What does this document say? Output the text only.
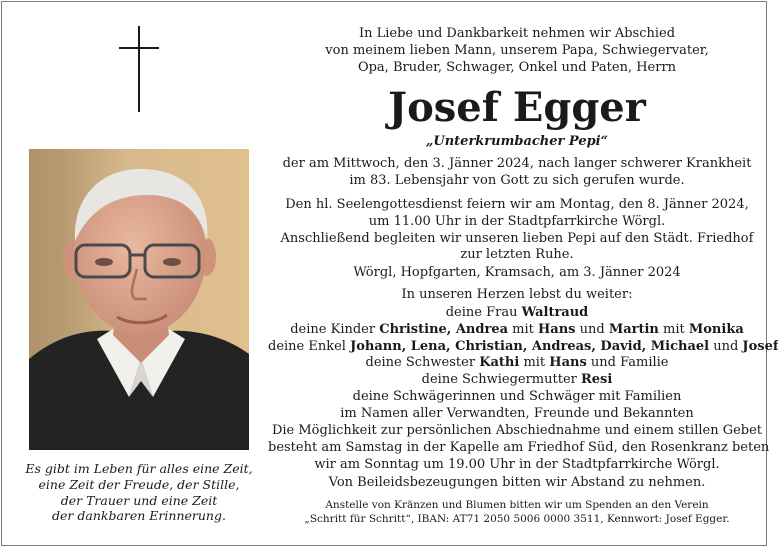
Es gibt im Leben für alles eine Zeit,
eine Zeit der Freude, der Stille,
der Trauer und eine Zeit
der dankbaren Erinnerung.
In Liebe und Dankbarkeit nehmen wir Abschied
von meinem lieben Mann, unserem Papa, Schwiegervater,
Opa, Bruder, Schwager, Onkel und Paten, Herrn
Josef Egger
„Unterkrumbacher Pepi“
der am Mittwoch, den 3. Jänner 2024, nach langer schwerer Krankheit
im 83. Lebensjahr von Gott zu sich gerufen wurde.
Den hl. Seelengottesdienst feiern wir am Montag, den 8. Jänner 2024,
um 11.00 Uhr in der Stadtpfarrkirche Wörgl.
Anschließend begleiten wir unseren lieben Pepi auf den Städt. Friedhof
zur letzten Ruhe.
Wörgl, Hopfgarten, Kramsach, am 3. Jänner 2024
In unseren Herzen lebst du weiter:
deine Frau Waltraud
deine Kinder Christine, Andrea mit Hans und Martin mit Monika
deine Enkel Johann, Lena, Christian, Andreas, David, Michael und Josef
deine Schwester Kathi mit Hans und Familie
deine Schwiegermutter Resi
deine Schwägerinnen und Schwäger mit Familien
im Namen aller Verwandten, Freunde und Bekannten
Die Möglichkeit zur persönlichen Abschiednahme und einem stillen Gebet
besteht am Samstag in der Kapelle am Friedhof Süd, den Rosenkranz beten
wir am Sonntag um 19.00 Uhr in der Stadtpfarrkirche Wörgl.
Von Beileidsbezeugungen bitten wir Abstand zu nehmen.
Anstelle von Kränzen und Blumen bitten wir um Spenden an den Verein
„Schritt für Schritt“, IBAN: AT71 2050 5006 0000 3511, Kennwort: Josef Egger.
